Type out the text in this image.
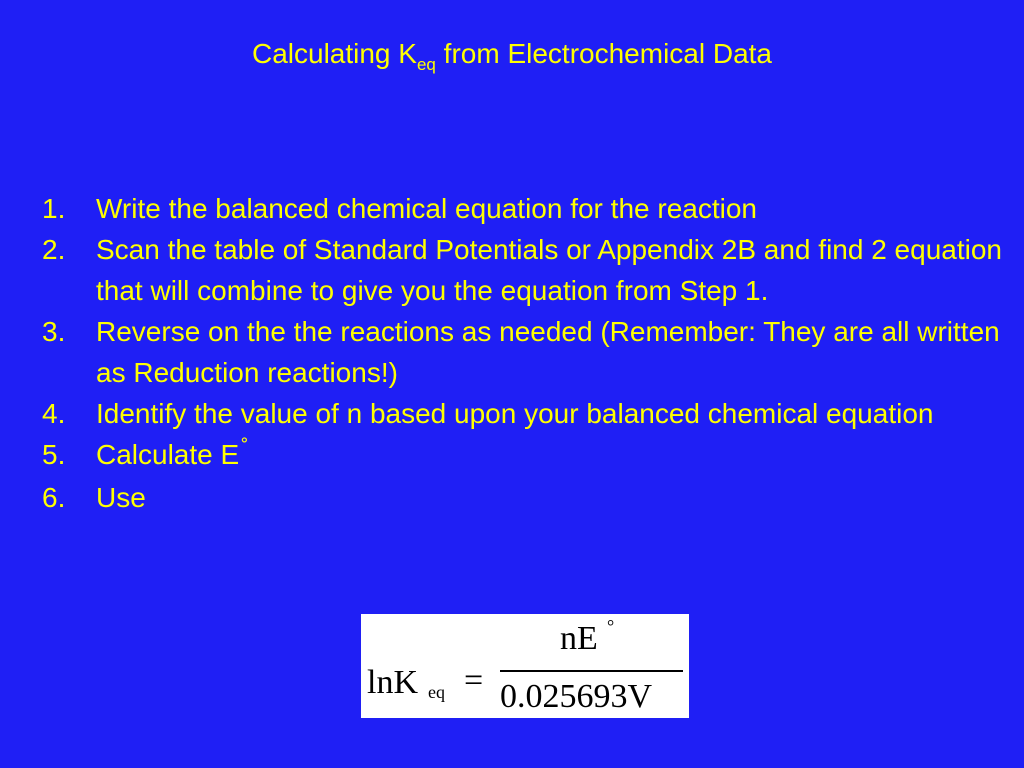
Calculating $K_{eq}$ from Electrochemical Data
1.	Write the balanced chemical equation for the reaction
2.	Scan the table of Standard Potentials or Appendix 2B and find 2 equation that will combine to give you the equation from Step 1.
3.	Reverse on the the reactions as needed (Remember: They are all written as Reduction reactions!)
4.	Identify the value of n based upon your balanced chemical equation
5.	Calculate E˚
6.	Use
lnK eq =
nE °
0.025693V
